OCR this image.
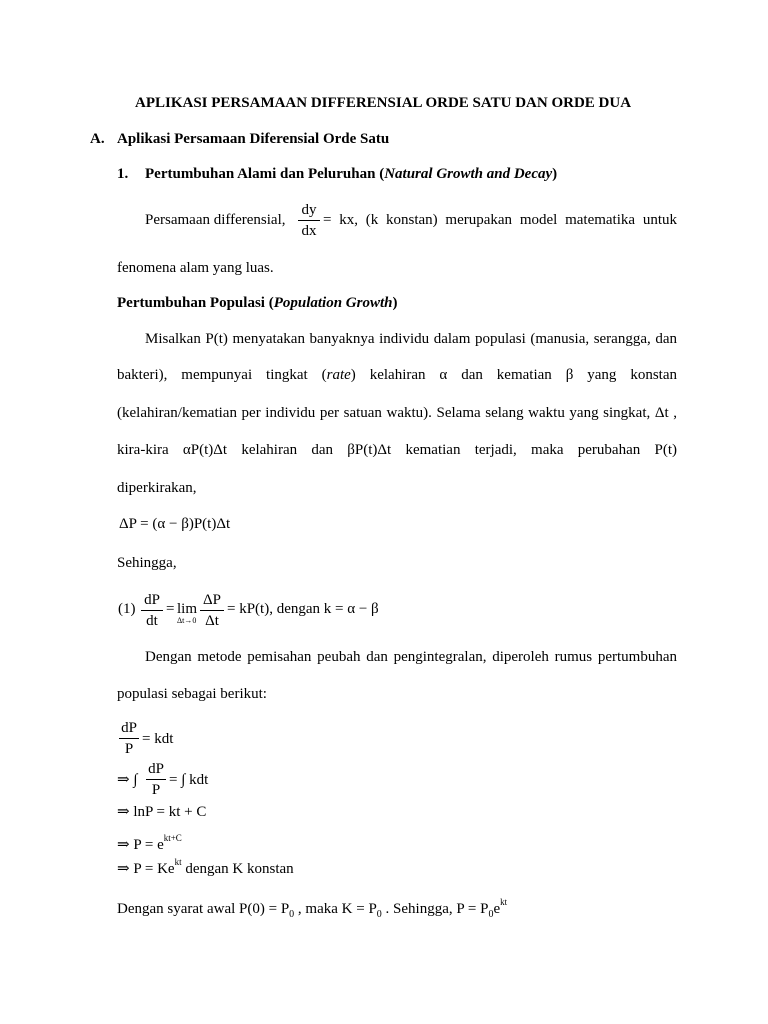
APLIKASI PERSAMAAN DIFFERENSIAL ORDE SATU DAN ORDE DUA
A. Aplikasi Persamaan Diferensial Orde Satu
1. Pertumbuhan Alami dan Peluruhan (Natural Growth and Decay)
Persamaan differensial,
dy
dx
= kx, (k konstan) merupakan model matematika untuk
fenomena alam yang luas.
Pertumbuhan Populasi (Population Growth)
Misalkan P(t) menyatakan banyaknya individu dalam populasi (manusia, serangga, dan
bakteri), mempunyai tingkat (rate) kelahiran α dan kematian β yang konstan
(kelahiran/kematian per individu per satuan waktu). Selama selang waktu yang singkat, Δt ,
kira-kira αP(t)Δt kelahiran dan βP(t)Δt kematian terjadi, maka perubahan P(t)
diperkirakan,
ΔP = (α − β)P(t)Δt
Sehingga,
(1)
dP
dt
= lim
Δt→0
ΔP
Δt
= kP(t), dengan k = α − β
Dengan metode pemisahan peubah dan pengintegralan, diperoleh rumus pertumbuhan
populasi sebagai berikut:
dP
P
= kdt
⇒ ∫
dP
P
= ∫ kdt
⇒ lnP = kt + C
⇒ $P = e^{kt+C}$
⇒ $P = Ke^{kt}$ dengan K konstan
Dengan syarat awal $P(0) = P_0$ , maka $K = P_0$ . Sehingga, $P = P_0e^{kt}$
